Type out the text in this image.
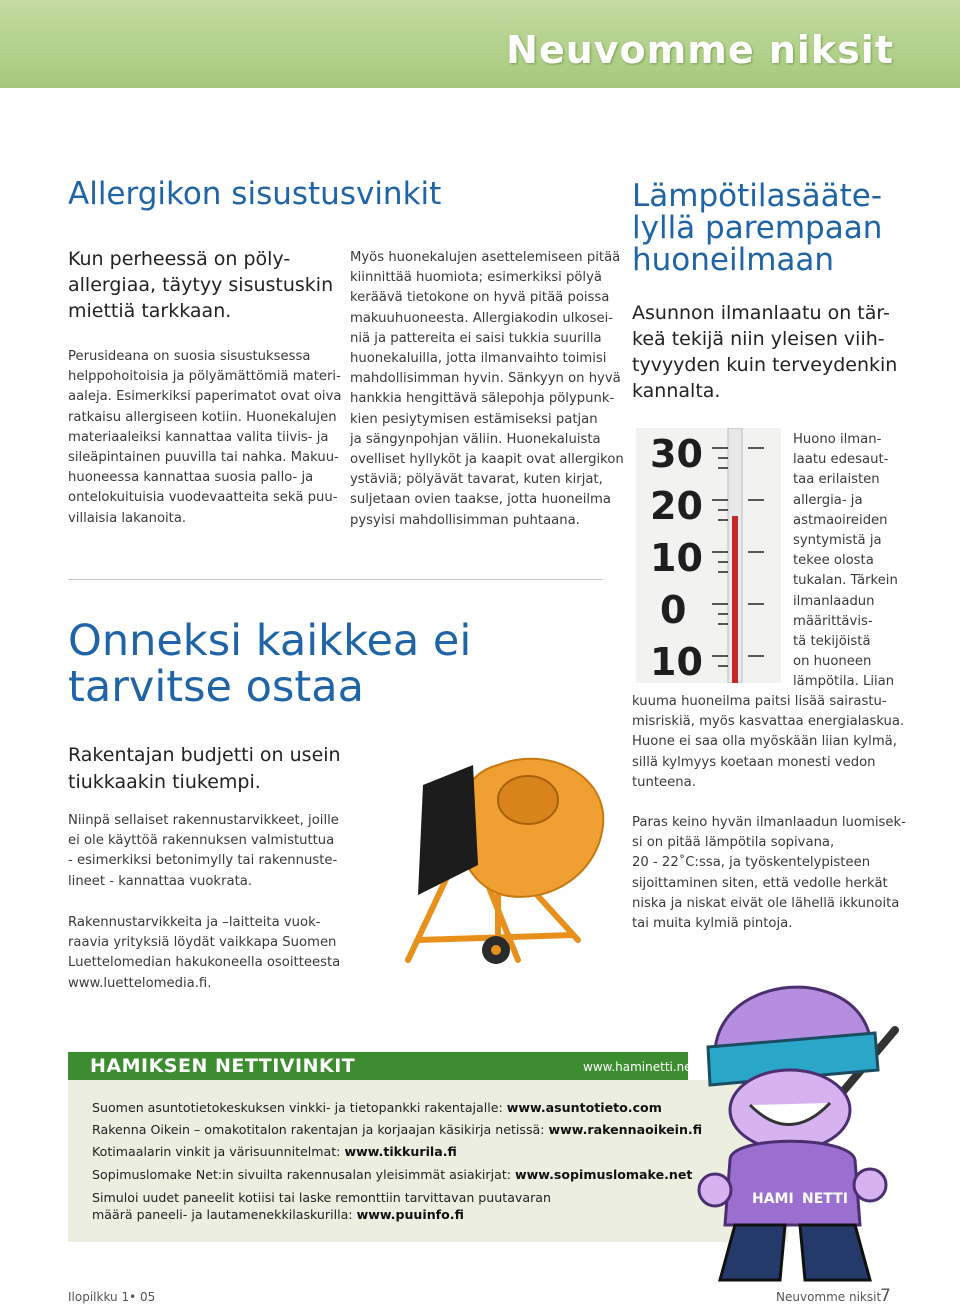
Neuvomme niksit
Allergikon sisustusvinkit
Kun perheessä on pöly- allergiaa, täytyy sisustuskin miettiä tarkkaan.
Perusideana on suosia sisustuksessa
helppohoitoisia ja pölyämättömiä materi-
aaleja. Esimerkiksi paperimatot ovat oiva
ratkaisu allergiseen kotiin. Huonekalujen
materiaaleiksi kannattaa valita tiivis- ja
sileäpintainen puuvilla tai nahka. Makuu-
huoneessa kannattaa suosia pallo- ja
ontelokuituisia vuodevaatteita sekä puu-
villaisia lakanoita.
Myös huonekalujen asettelemiseen pitää
kiinnittää huomiota; esimerkiksi pölyä
keräävä tietokone on hyvä pitää poissa
makuuhuoneesta. Allergiakodin ulkosei-
niä ja pattereita ei saisi tukkia suurilla
huonekaluilla, jotta ilmanvaihto toimisi
mahdollisimman hyvin. Sänkyyn on hyvä
hankkia hengittävä sälepohja pölypunk-
kien pesiytymisen estämiseksi patjan
ja sängynpohjan väliin. Huonekaluista
ovelliset hyllyköt ja kaapit ovat allergikon
ystäviä; pölyävät tavarat, kuten kirjat,
suljetaan ovien taakse, jotta huoneilma
pysyisi mahdollisimman puhtaana.
Onneksi kaikkea ei
tarvitse ostaa
Rakentajan budjetti on usein
tiukkaakin tiukempi.
Niinpä sellaiset rakennustarvikkeet, joille
ei ole käyttöä rakennuksen valmistuttua
- esimerkiksi betonimylly tai rakennuste-
lineet - kannattaa vuokrata.
Rakennustarvikkeita ja –laitteita vuok-
raavia yrityksiä löydät vaikkapa Suomen
Luettelomedian hakukoneella osoitteesta
www.luettelomedia.fi.
Lämpötilasääte-
lyllä parempaan
huoneilmaan
Asunnon ilmanlaatu on tär-
keä tekijä niin yleisen viih-
tyvyyden kuin terveydenkin
kannalta.
30
20
10
0
10
Huono ilman-
laatu edesaut-
taa erilaisten
allergia- ja
astmaoireiden
syntymistä ja
tekee olosta
tukalan. Tärkein
ilmanlaadun
määrittävis-
tä tekijöistä
on huoneen
lämpötila. Liian
kuuma huoneilma paitsi lisää sairastu-
misriskiä, myös kasvattaa energialaskua.
Huone ei saa olla myöskään liian kylmä,
sillä kylmyys koetaan monesti vedon
tunteena.
Paras keino hyvän ilmanlaadun luomisek-
si on pitää lämpötila sopivana,
20 - 22˚C:ssa, ja työskentelypisteen
sijoittaminen siten, että vedolle herkät
niska ja niskat eivät ole lähellä ikkunoita
tai muita kylmiä pintoja.
HAMIKSEN NETTIVINKIT	www.haminetti.net
Suomen asuntotietokeskuksen vinkki- ja tietopankki rakentajalle: www.asuntotieto.com
Rakenna Oikein – omakotitalon rakentajan ja korjaajan käsikirja netissä: www.rakennaoikein.fi
Kotimaalarin vinkit ja värisuunnitelmat: www.tikkurila.fi
Sopimuslomake Net:in sivuilta rakennusalan yleisimmät asiakirjat: www.sopimuslomake.net
Simuloi uudet paneelit kotiisi tai laske remonttiin tarvittavan puutavaran
määrä paneeli- ja lautamenekkilaskurilla: www.puuinfo.fi
HAMI NETTI
Ilopilkku 1• 05	Neuvomme niksit
7
